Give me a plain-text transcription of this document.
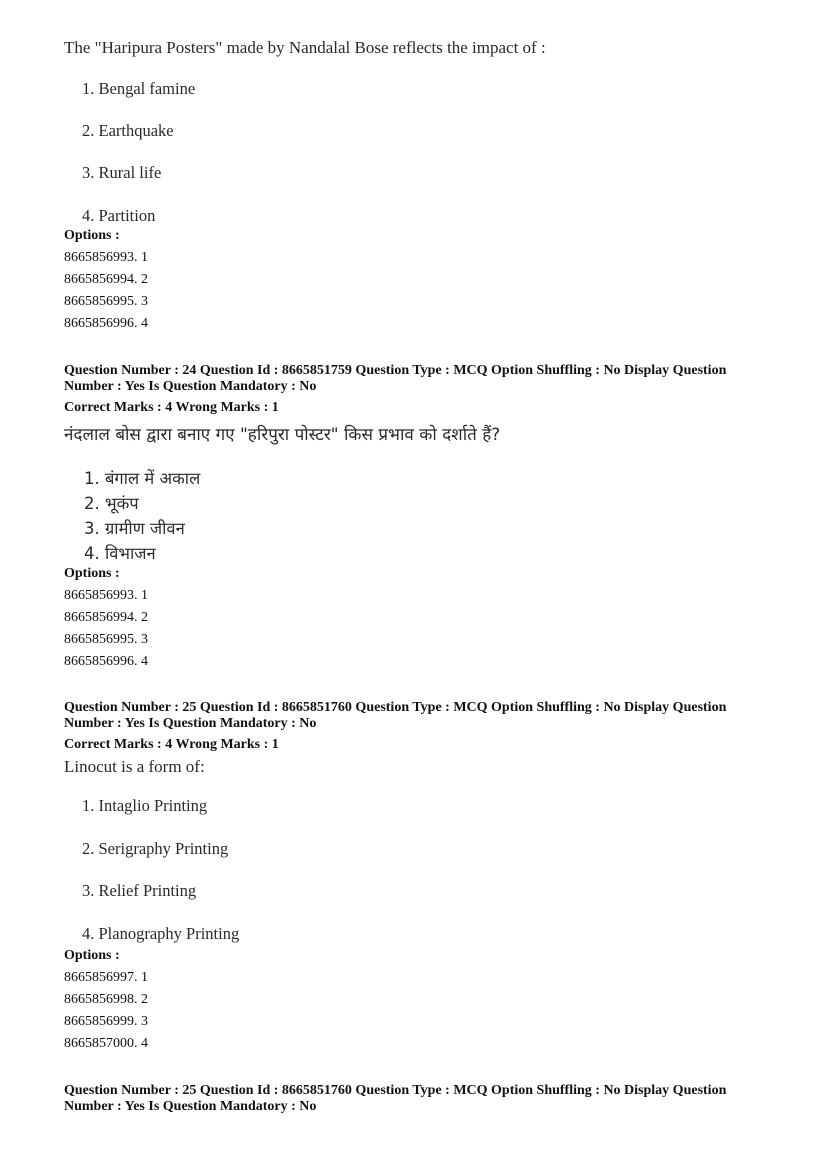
The "Haripura Posters" made by Nandalal Bose reflects the impact of :
1. Bengal famine
2. Earthquake
3. Rural life
4. Partition
Options :
8665856993. 1
8665856994. 2
8665856995. 3
8665856996. 4
Question Number : 24 Question Id : 8665851759 Question Type : MCQ Option Shuffling : No Display Question
Number : Yes Is Question Mandatory : No
Correct Marks : 4 Wrong Marks : 1
नंदलाल बोस द्वारा बनाए गए "हरिपुरा पोस्टर" किस प्रभाव को दर्शाते हैं?
1. बंगाल में अकाल
2. भूकंप
3. ग्रामीण जीवन
4. विभाजन
Options :
8665856993. 1
8665856994. 2
8665856995. 3
8665856996. 4
Question Number : 25 Question Id : 8665851760 Question Type : MCQ Option Shuffling : No Display Question
Number : Yes Is Question Mandatory : No
Correct Marks : 4 Wrong Marks : 1
Linocut is a form of:
1. Intaglio Printing
2. Serigraphy Printing
3. Relief Printing
4. Planography Printing
Options :
8665856997. 1
8665856998. 2
8665856999. 3
8665857000. 4
Question Number : 25 Question Id : 8665851760 Question Type : MCQ Option Shuffling : No Display Question
Number : Yes Is Question Mandatory : No
